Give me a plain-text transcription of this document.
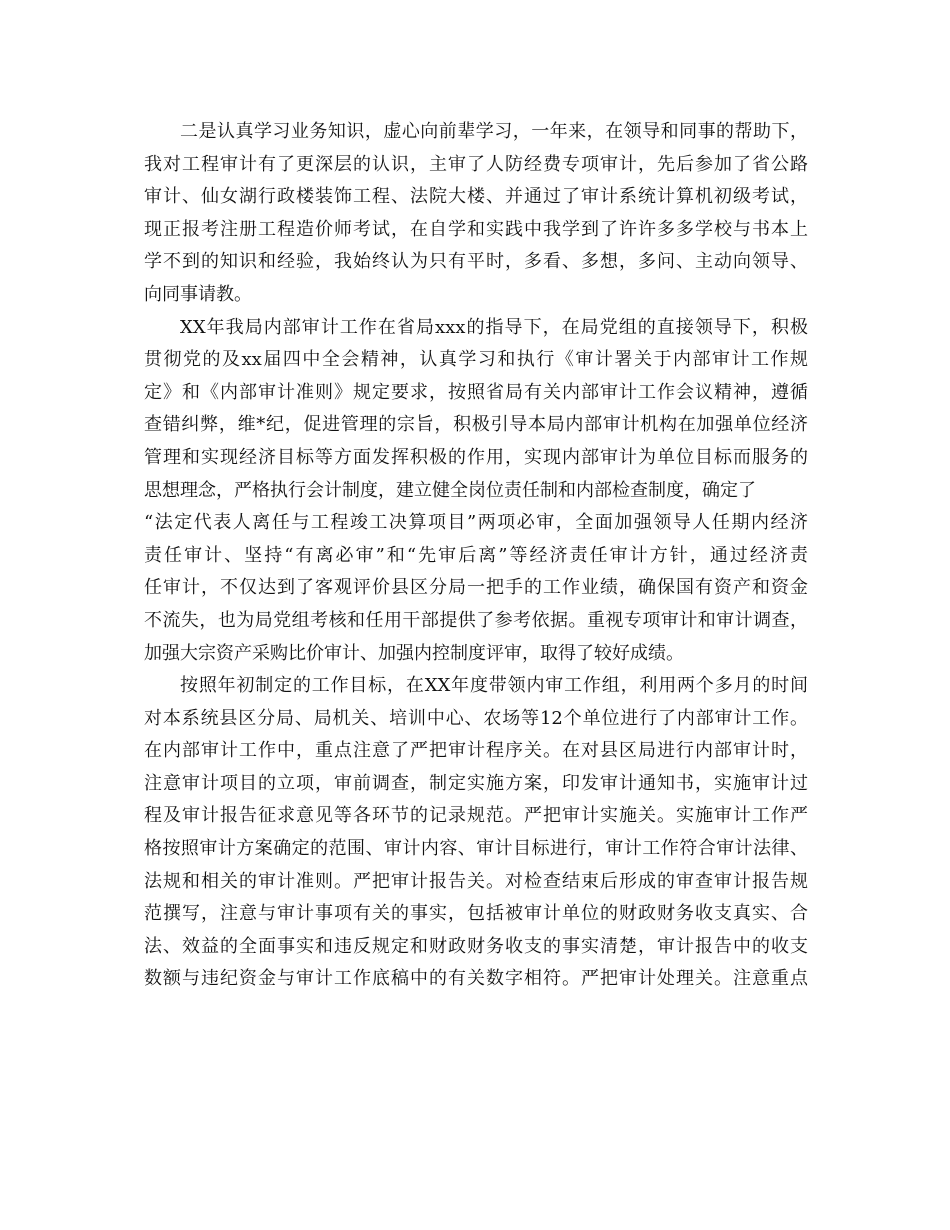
二是认真学习业务知识，虚心向前辈学习，一年来，在领导和同事的帮助下，
我对工程审计有了更深层的认识，主审了人防经费专项审计，先后参加了省公路
审计、仙女湖行政楼装饰工程、法院大楼、并通过了审计系统计算机初级考试，
现正报考注册工程造价师考试，在自学和实践中我学到了许许多多学校与书本上
学不到的知识和经验，我始终认为只有平时，多看、多想，多问、主动向领导、
向同事请教。
XX年我局内部审计工作在省局xxx的指导下，在局党组的直接领导下，积极
贯彻党的及xx届四中全会精神，认真学习和执行《审计署关于内部审计工作规
定》和《内部审计准则》规定要求，按照省局有关内部审计工作会议精神，遵循
查错纠弊，维*纪，促进管理的宗旨，积极引导本局内部审计机构在加强单位经济
管理和实现经济目标等方面发挥积极的作用，实现内部审计为单位目标而服务的
思想理念，严格执行会计制度，建立健全岗位责任制和内部检查制度，确定了
“法定代表人离任与工程竣工决算项目”两项必审，全面加强领导人任期内经济
责任审计、坚持“有离必审”和“先审后离”等经济责任审计方针，通过经济责
任审计，不仅达到了客观评价县区分局一把手的工作业绩，确保国有资产和资金
不流失，也为局党组考核和任用干部提供了参考依据。重视专项审计和审计调查，
加强大宗资产采购比价审计、加强内控制度评审，取得了较好成绩。
按照年初制定的工作目标，在XX年度带领内审工作组，利用两个多月的时间
对本系统县区分局、局机关、培训中心、农场等12个单位进行了内部审计工作。
在内部审计工作中，重点注意了严把审计程序关。在对县区局进行内部审计时，
注意审计项目的立项，审前调查，制定实施方案，印发审计通知书，实施审计过
程及审计报告征求意见等各环节的记录规范。严把审计实施关。实施审计工作严
格按照审计方案确定的范围、审计内容、审计目标进行，审计工作符合审计法律、
法规和相关的审计准则。严把审计报告关。对检查结束后形成的审查审计报告规
范撰写，注意与审计事项有关的事实，包括被审计单位的财政财务收支真实、合
法、效益的全面事实和违反规定和财政财务收支的事实清楚，审计报告中的收支
数额与违纪资金与审计工作底稿中的有关数字相符。严把审计处理关。注意重点
